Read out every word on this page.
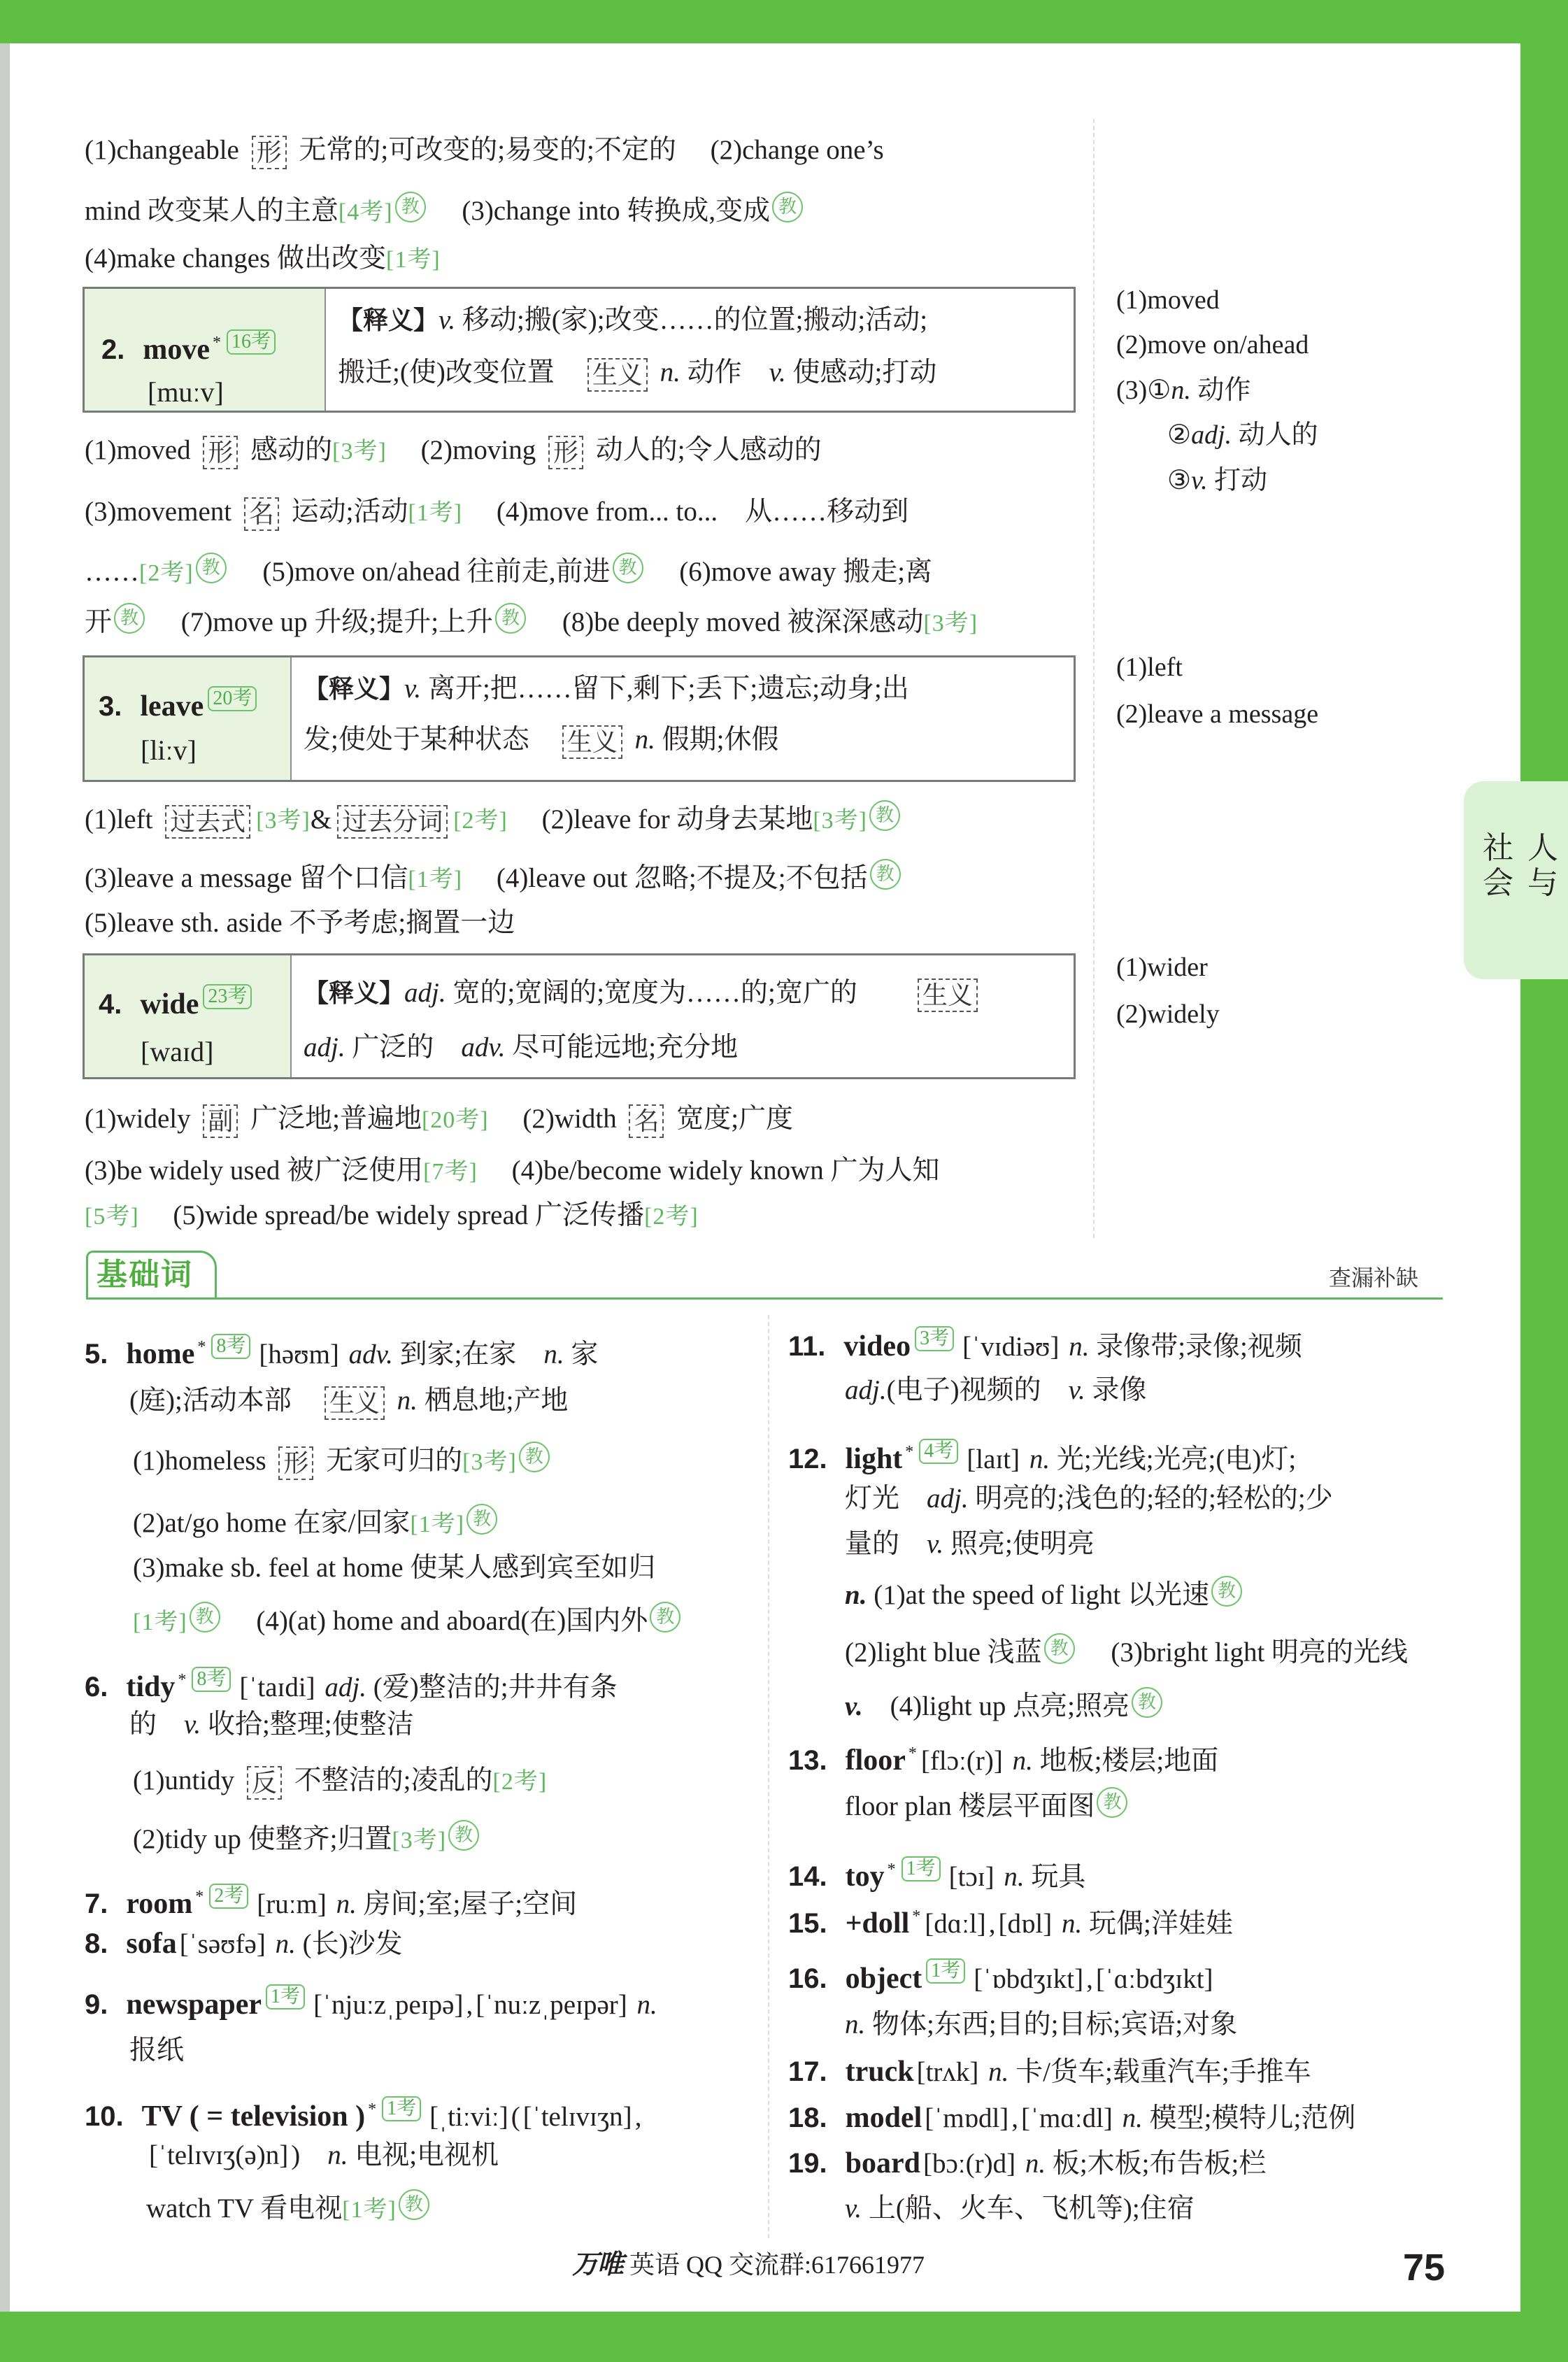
(1)changeable 形 无常的;可改变的;易变的;不定的　 (2)change one’s
mind 改变某人的主意[4考] 教　 (3)change into 转换成,变成 教
(4)make changes 做出改变[1考]
2. move * 16考
[muːv]
【释义】v. 移动;搬(家);改变……的位置;搬动;活动;
搬迁;(使)改变位置　生义 n. 动作　v. 使感动;打动
(1)moved 形 感动的[3考]　 (2)moving 形 动人的;令人感动的
(3)movement 名 运动;活动[1考]　 (4)move from... to...　从……移动到
……[2考] 教　 (5)move on/ahead 往前走,前进 教　 (6)move away 搬走;离
开 教　 (7)move up 升级;提升;上升 教　 (8)be deeply moved 被深深感动[3考]
(1)moved
(2)move on/ahead
(3)①n. 动作
②adj. 动人的
③v. 打动
3. leave 20考
[liːv]
【释义】v. 离开;把……留下,剩下;丢下;遗忘;动身;出
发;使处于某种状态　生义 n. 假期;休假
(1)left 过去式 [3考]& 过去分词 [2考]　 (2)leave for 动身去某地[3考] 教
(3)leave a message 留个口信[1考]　 (4)leave out 忽略;不提及;不包括 教
(5)leave sth. aside 不予考虑;搁置一边
(1)left
(2)leave a message
4. wide 23考
[waɪd]
【释义】adj. 宽的;宽阔的;宽度为……的;宽广的　　生义
adj. 广泛的　adv. 尽可能远地;充分地
(1)widely 副 广泛地;普遍地[20考]　 (2)width 名 宽度;广度
(3)be widely used 被广泛使用[7考]　 (4)be/become widely known 广为人知
[5考]　 (5)wide spread/be widely spread 广泛传播[2考]
(1)wider
(2)widely
人与社会
基础词	查漏补缺
5. home * 8考 [həʊm] adv. 到家;在家　n. 家
(庭);活动本部　生义 n. 栖息地;产地
(1)homeless 形 无家可归的[3考] 教
(2)at/go home 在家/回家[1考] 教
(3)make sb. feel at home 使某人感到宾至如归
[1考] 教　 (4)(at) home and aboard(在)国内外 教
6. tidy * 8考 [ˈtaɪdi] adj. (爱)整洁的;井井有条
的　v. 收拾;整理;使整洁
(1)untidy 反 不整洁的;凌乱的[2考]
(2)tidy up 使整齐;归置[3考] 教
7. room * 2考 [ruːm] n. 房间;室;屋子;空间
8. sofa [ˈsəʊfə] n. (长)沙发
9. newspaper 1考 [ˈnjuːzˌpeɪpə] , [ˈnuːzˌpeɪpər] n.
报纸
10. TV ( = television ) * 1考 [ˌtiːviː] ( [ˈtelɪvɪʒn] ,
[ˈtelɪvɪʒ(ə)n] )　n. 电视;电视机
watch TV 看电视[1考] 教
11. video 3考 [ˈvɪdiəʊ] n. 录像带;录像;视频
adj.(电子)视频的　v. 录像
12. light * 4考 [laɪt] n. 光;光线;光亮;(电)灯;
灯光　adj. 明亮的;浅色的;轻的;轻松的;少
量的　v. 照亮;使明亮
n. (1)at the speed of light 以光速 教
(2)light blue 浅蓝 教　 (3)bright light 明亮的光线
v.　(4)light up 点亮;照亮 教
13. floor * [flɔː(r)] n. 地板;楼层;地面
floor plan 楼层平面图 教
14. toy * 1考 [tɔɪ] n. 玩具
15. +doll * [dɑːl] , [dɒl] n. 玩偶;洋娃娃
16. object 1考 [ˈɒbdʒɪkt] , [ˈɑːbdʒɪkt]
n. 物体;东西;目的;目标;宾语;对象
17. truck [trʌk] n. 卡/货车;载重汽车;手推车
18. model [ˈmɒdl] , [ˈmɑːdl] n. 模型;模特儿;范例
19. board [bɔː(r)d] n. 板;木板;布告板;栏
v. 上(船、火车、飞机等);住宿
万唯 英语 QQ 交流群:617661977	75
